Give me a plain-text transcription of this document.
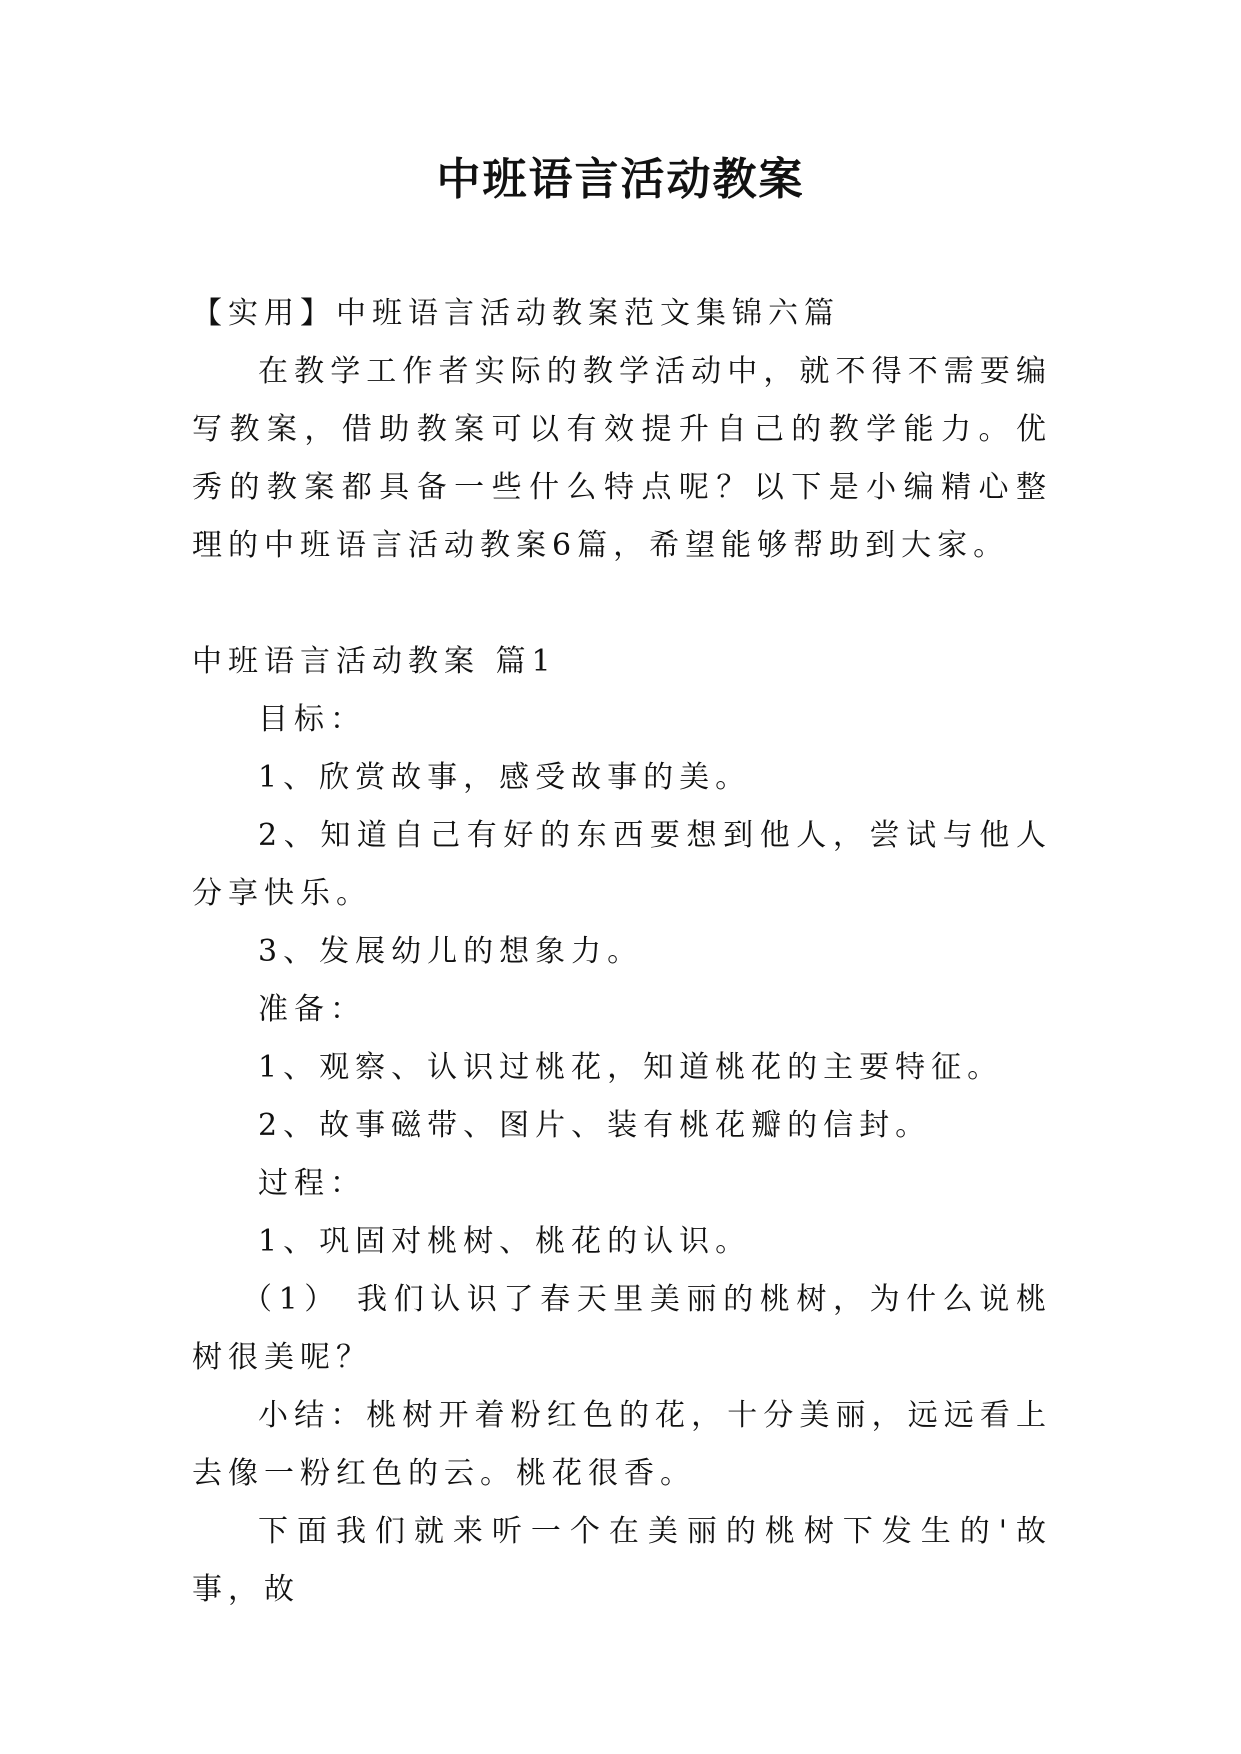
中班语言活动教案

【实用】中班语言活动教案范文集锦六篇

在教学工作者实际的教学活动中，就不得不需要编写教案，借助教案可以有效提升自己的教学能力。优秀的教案都具备一些什么特点呢？以下是小编精心整理的中班语言活动教案6篇，希望能够帮助到大家。

中班语言活动教案 篇1

目标：

1、欣赏故事，感受故事的美。

2、知道自己有好的东西要想到他人，尝试与他人分享快乐。

3、发展幼儿的想象力。

准备：

1、观察、认识过桃花，知道桃花的主要特征。

2、故事磁带、图片、装有桃花瓣的信封。

过程：

1、巩固对桃树、桃花的认识。

（1） 我们认识了春天里美丽的桃树，为什么说桃树很美呢？

小结：桃树开着粉红色的花，十分美丽，远远看上去像一粉红色的云。桃花很香。

下面我们就来听一个在美丽的桃树下发生的'故事，故
